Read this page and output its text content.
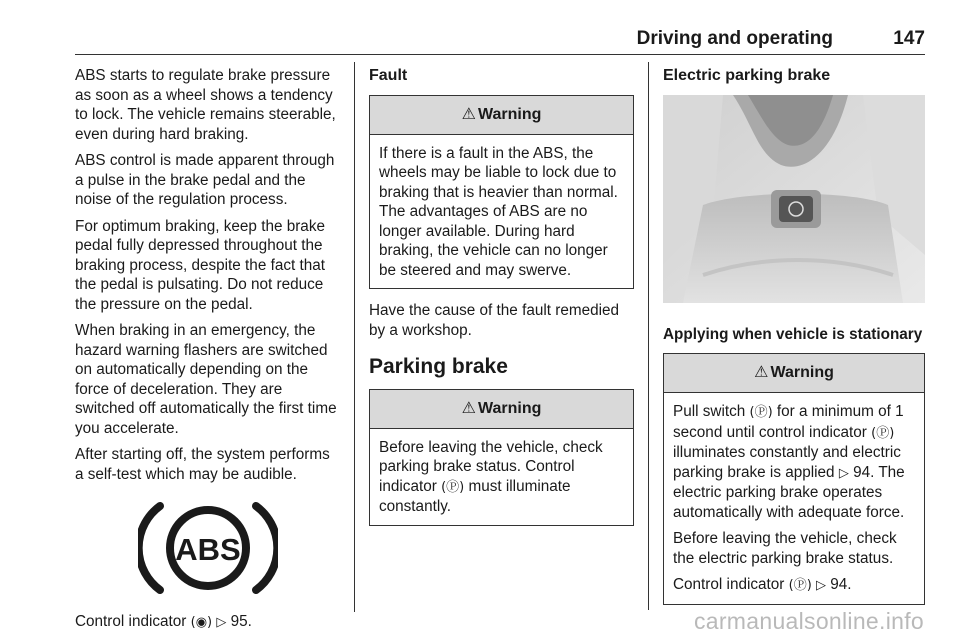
Driving and operating	147

ABS starts to regulate brake pressure as soon as a wheel shows a tendency to lock. The vehicle remains steerable, even during hard braking.

ABS control is made apparent through a pulse in the brake pedal and the noise of the regulation process.

For optimum braking, keep the brake pedal fully depressed throughout the braking process, despite the fact that the pedal is pulsating. Do not reduce the pressure on the pedal.

When braking in an emergency, the hazard warning flashers are switched on automatically depending on the force of deceleration. They are switched off automatically the first time you accelerate.

After starting off, the system performs a self-test which may be audible.

ABS

Control indicator (◉) ▷ 95.

Fault
⚠ Warning

If there is a fault in the ABS, the wheels may be liable to lock due to braking that is heavier than normal. The advantages of ABS are no longer available. During hard braking, the vehicle can no longer be steered and may swerve.

Have the cause of the fault remedied by a workshop.

Parking brake
⚠ Warning

Before leaving the vehicle, check parking brake status. Control indicator (Ⓟ) must illuminate constantly.

Electric parking brake
Applying when vehicle is stationary
⚠ Warning

Pull switch (Ⓟ) for a minimum of 1 second until control indicator (Ⓟ) illuminates constantly and electric parking brake is applied ▷ 94. The electric parking brake operates automatically with adequate force.

Before leaving the vehicle, check the electric parking brake status.

Control indicator (Ⓟ) ▷ 94.

carmanualsonline.info
